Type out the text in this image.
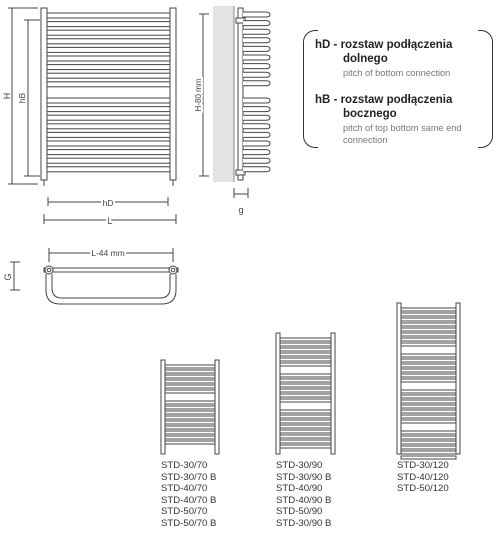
H hB
hD
L
H-80 mm
g
L-44 mm
G
hD - rozstaw podłączenia
dolnego
pitch of bottom connection
hB - rozstaw podłączenia
bocznego
pitch of top bottom same end
connection
STD-30/70
STD-30/70 B
STD-40/70
STD-40/70 B
STD-50/70
STD-50/70 B
STD-30/90
STD-30/90 B
STD-40/90
STD-40/90 B
STD-50/90
STD-30/90 B
STD-30/120
STD-40/120
STD-50/120
